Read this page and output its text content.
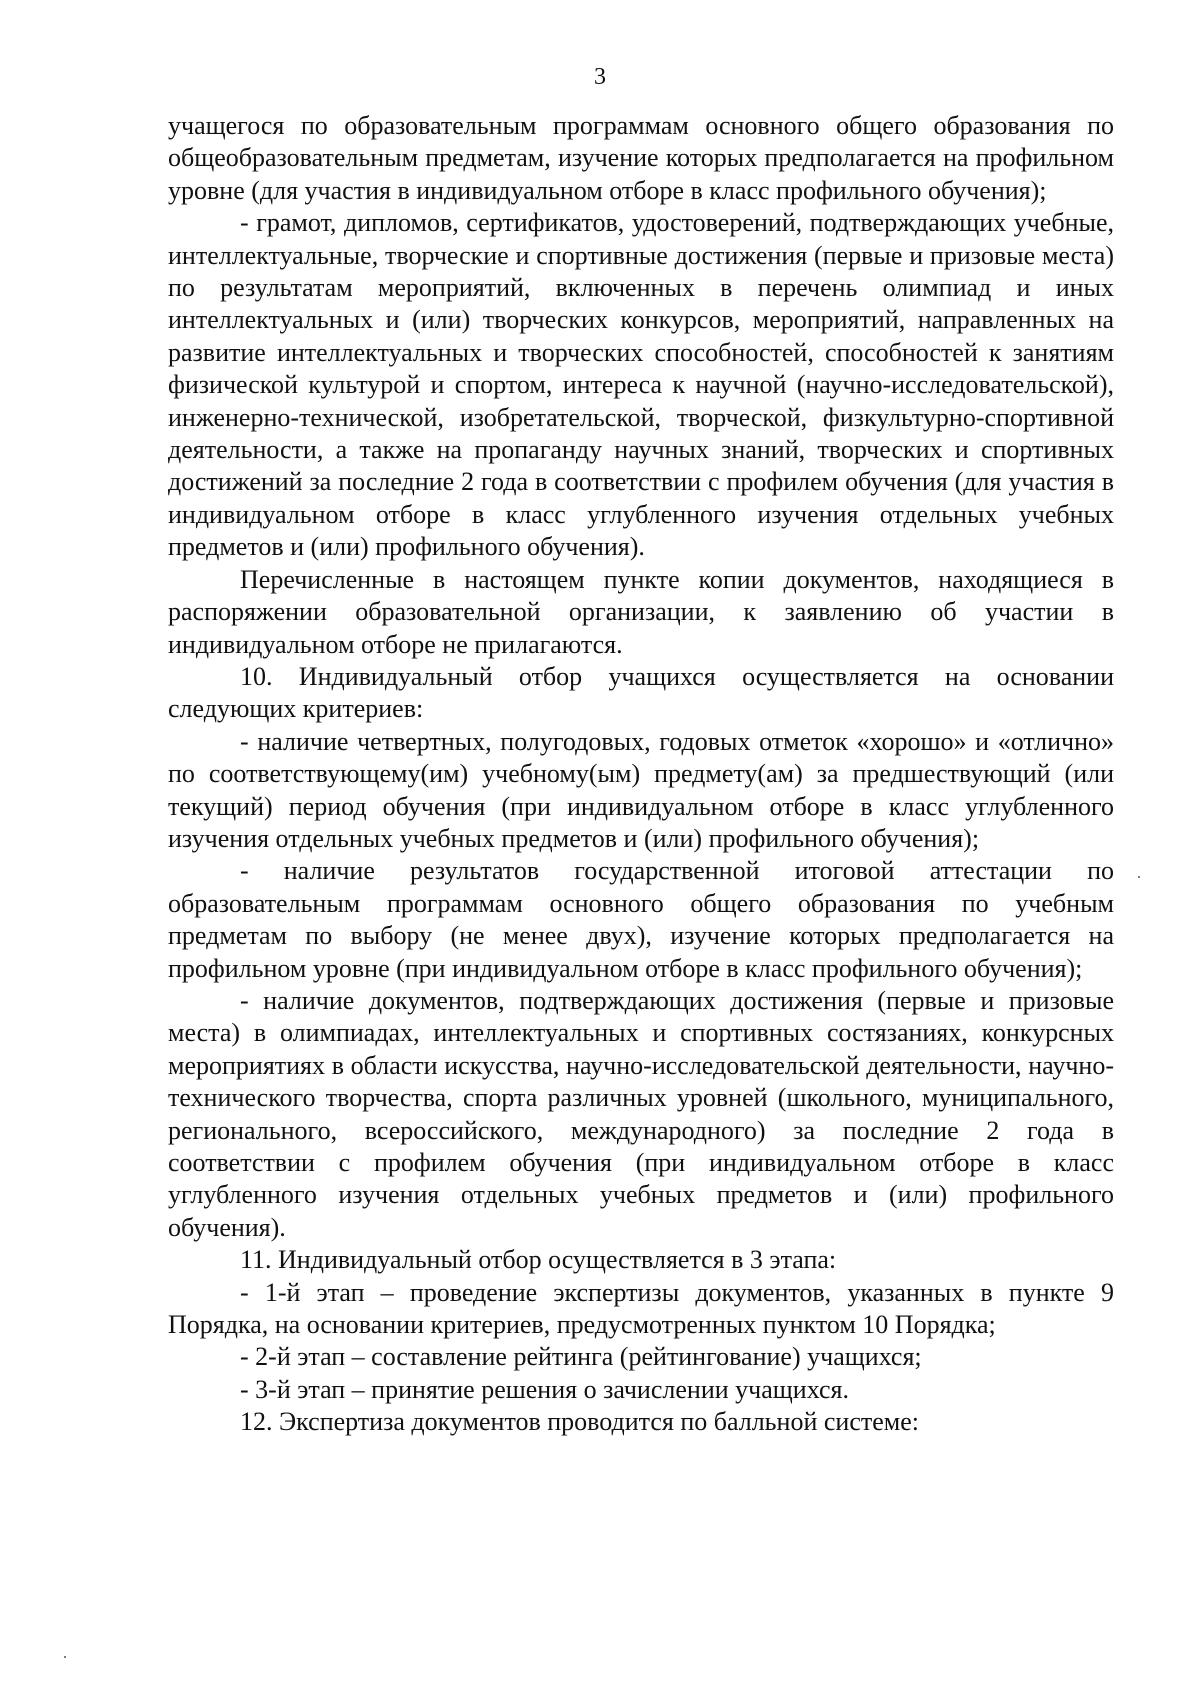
3

учащегося по образовательным программам основного общего образования по общеобразовательным предметам, изучение которых предполагается на профильном уровне (для участия в индивидуальном отборе в класс профильного обучения);

- грамот, дипломов, сертификатов, удостоверений, подтверждающих учебные, интеллектуальные, творческие и спортивные достижения (первые и призовые места) по результатам мероприятий, включенных в перечень олимпиад и иных интеллектуальных и (или) творческих конкурсов, мероприятий, направленных на развитие интеллектуальных и творческих способностей, способностей к занятиям физической культурой и спортом, интереса к научной (научно-исследовательской), инженерно-технической, изобретательской, творческой, физкультурно-спортивной деятельности, а также на пропаганду научных знаний, творческих и спортивных достижений за последние 2 года в соответствии с профилем обучения (для участия в индивидуальном отборе в класс углубленного изучения отдельных учебных предметов и (или) профильного обучения).

Перечисленные в настоящем пункте копии документов, находящиеся в распоряжении образовательной организации, к заявлению об участии в индивидуальном отборе не прилагаются.

10. Индивидуальный отбор учащихся осуществляется на основании следующих критериев:

- наличие четвертных, полугодовых, годовых отметок «хорошо» и «отлично» по соответствующему(им) учебному(ым) предмету(ам) за предшествующий (или текущий) период обучения (при индивидуальном отборе в класс углубленного изучения отдельных учебных предметов и (или) профильного обучения);

- наличие результатов государственной итоговой аттестации по образовательным программам основного общего образования по учебным предметам по выбору (не менее двух), изучение которых предполагается на профильном уровне (при индивидуальном отборе в класс профильного обучения);

- наличие документов, подтверждающих достижения (первые и призовые места) в олимпиадах, интеллектуальных и спортивных состязаниях, конкурсных мероприятиях в области искусства, научно-исследовательской деятельности, научно-технического творчества, спорта различных уровней (школьного, муниципального, регионального, всероссийского, международного) за последние 2 года в соответствии с профилем обучения (при индивидуальном отборе в класс углубленного изучения отдельных учебных предметов и (или) профильного обучения).

11. Индивидуальный отбор осуществляется в 3 этапа:

- 1-й этап – проведение экспертизы документов, указанных в пункте 9 Порядка, на основании критериев, предусмотренных пунктом 10 Порядка;

- 2-й этап – составление рейтинга (рейтингование) учащихся;

- 3-й этап – принятие решения о зачислении учащихся.

12. Экспертиза документов проводится по балльной системе:
